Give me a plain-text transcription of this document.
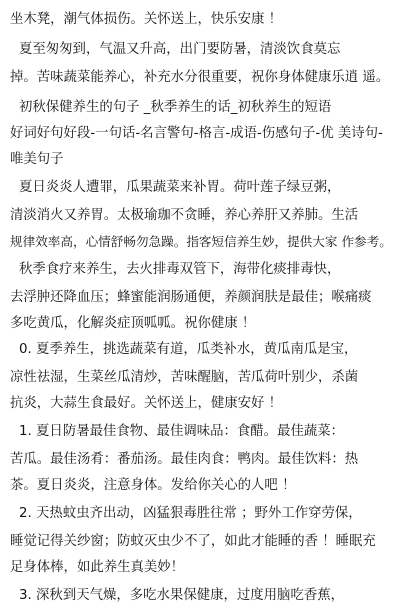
坐木凳，潮气体损伤。关怀送上，快乐安康 ！
夏至匆匆到，气温又升高，出门要防暑，清淡饮食莫忘
掉。苦味蔬菜能养心，补充水分很重要，祝你身体健康乐逍 遥。
初秋保健养生的句子 _秋季养生的话_初秋养生的短语
好词好句好段-一句话-名言警句-格言-成语-伤感句子-优 美诗句-
唯美句子
夏日炎炎人遭罪，瓜果蔬菜来补胃。荷叶莲子绿豆粥，
清淡消火又养胃。太极瑜珈不贪睡，养心养肝又养肺。生活
规律效率高，心情舒畅勿急躁。指客短信养生妙，提供大家 作参考。
秋季食疗来养生，去火排毒双管下，海带化痰排毒快，
去浮肿还降血压；蜂蜜能润肠通便，养颜润肤是最佳；喉痛痰
多吃黄瓜，化解炎症顶呱呱。祝你健康 ！
0. 夏季养生，挑选蔬菜有道，瓜类补水，黄瓜南瓜是宝，
凉性祛湿，生菜丝瓜清炒，苦味醒脑，苦瓜荷叶别少，杀菌
抗炎，大蒜生食最好。关怀送上，健康安好 ！
1. 夏日防暑最佳食物、最佳调味品：食醋。最佳蔬菜：
苦瓜。最佳汤肴：番茄汤。最佳肉食：鸭肉。最佳饮料：热
茶。夏日炎炎，注意身体。发给你关心的人吧 ！
2. 天热蚊虫齐出动，凶猛狠毒胜往常 ；野外工作穿劳保，
睡觉记得关纱窗；防蚊灭虫少不了，如此才能睡的香 ！睡眠充
足身体棒，如此养生真美妙！
3. 深秋到天气燥，多吃水果保健康，过度用脑吃香蕉，
